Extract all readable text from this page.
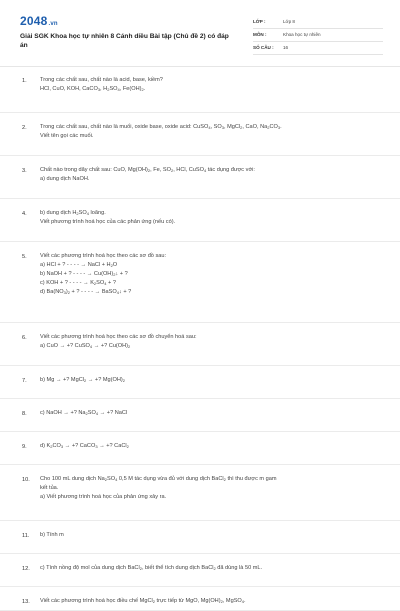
2048.vn
Giải SGK Khoa học tự nhiên 8 Cánh diều Bài tập (Chủ đề 2) có đáp án
LỚP :	Lớp 8
MÔN :	Khoa học tự nhiên
SỐ CÂU : 16
1. Trong các chất sau, chất nào là acid, base, kiềm?
HCl, CuO, KOH, CaCO$_3$, $H_2SO_4$, $Fe(OH)_2$.
2. Trong các chất sau, chất nào là muối, oxide base, oxide acid: CuSO$_4$, $SO_3$, MgCl$_2$, CaO, $Na_2CO_3$.
Viết tên gọi các muối.
3. Chất nào trong dãy chất sau: CuO, $Mg(OH)_2$, Fe, $SO_2$, HCl, CuSO$_4$ tác dụng được với:
a) dung dịch NaOH.
4. b) dung dịch $H_2SO_4$ loãng.
Viết phương trình hoá học của các phản ứng (nếu có).
5. Viết các phương trình hoá học theo các sơ đồ sau:
a) HCl + ? - - - - → NaCl + $H_2O$
b) NaOH + ? - - - - → $Cu(OH)_2↓$ + ?
c) KOH + ? - - - - → $K_2SO_4$ + ?
d) $Ba(NO_3)_2$ + ? - - - - → BaSO$_4$↓ + ?
6. Viết các phương trình hoá học theo các sơ đồ chuyển hoá sau:
a) CuO → +? CuSO$_4$ → +? $Cu(OH)_2$
7. b) Mg → +? MgCl$_2$ → +? $Mg(OH)_2$
8. c) NaOH → +? $Na_2SO_4$ → +? NaCl
9. d) $K_2CO_3$ → +? CaCO$_3$ → +? CaCl$_2$
10. Cho 100 mL dung dịch $Na_2SO_4$ 0,5 M tác dụng vừa đủ với dung dịch BaCl$_2$ thì thu được m gam
kết tủa.
a) Viết phương trình hoá học của phản ứng xảy ra.
11. b) Tính m
12. c) Tính nồng độ mol của dung dịch BaCl$_2$, biết thể tích dung dịch BaCl$_2$ đã dùng là 50 mL.
13. Viết các phương trình hoá học điều chế MgCl$_2$ trực tiếp từ MgO, $Mg(OH)_2$, MgSO$_4$.
